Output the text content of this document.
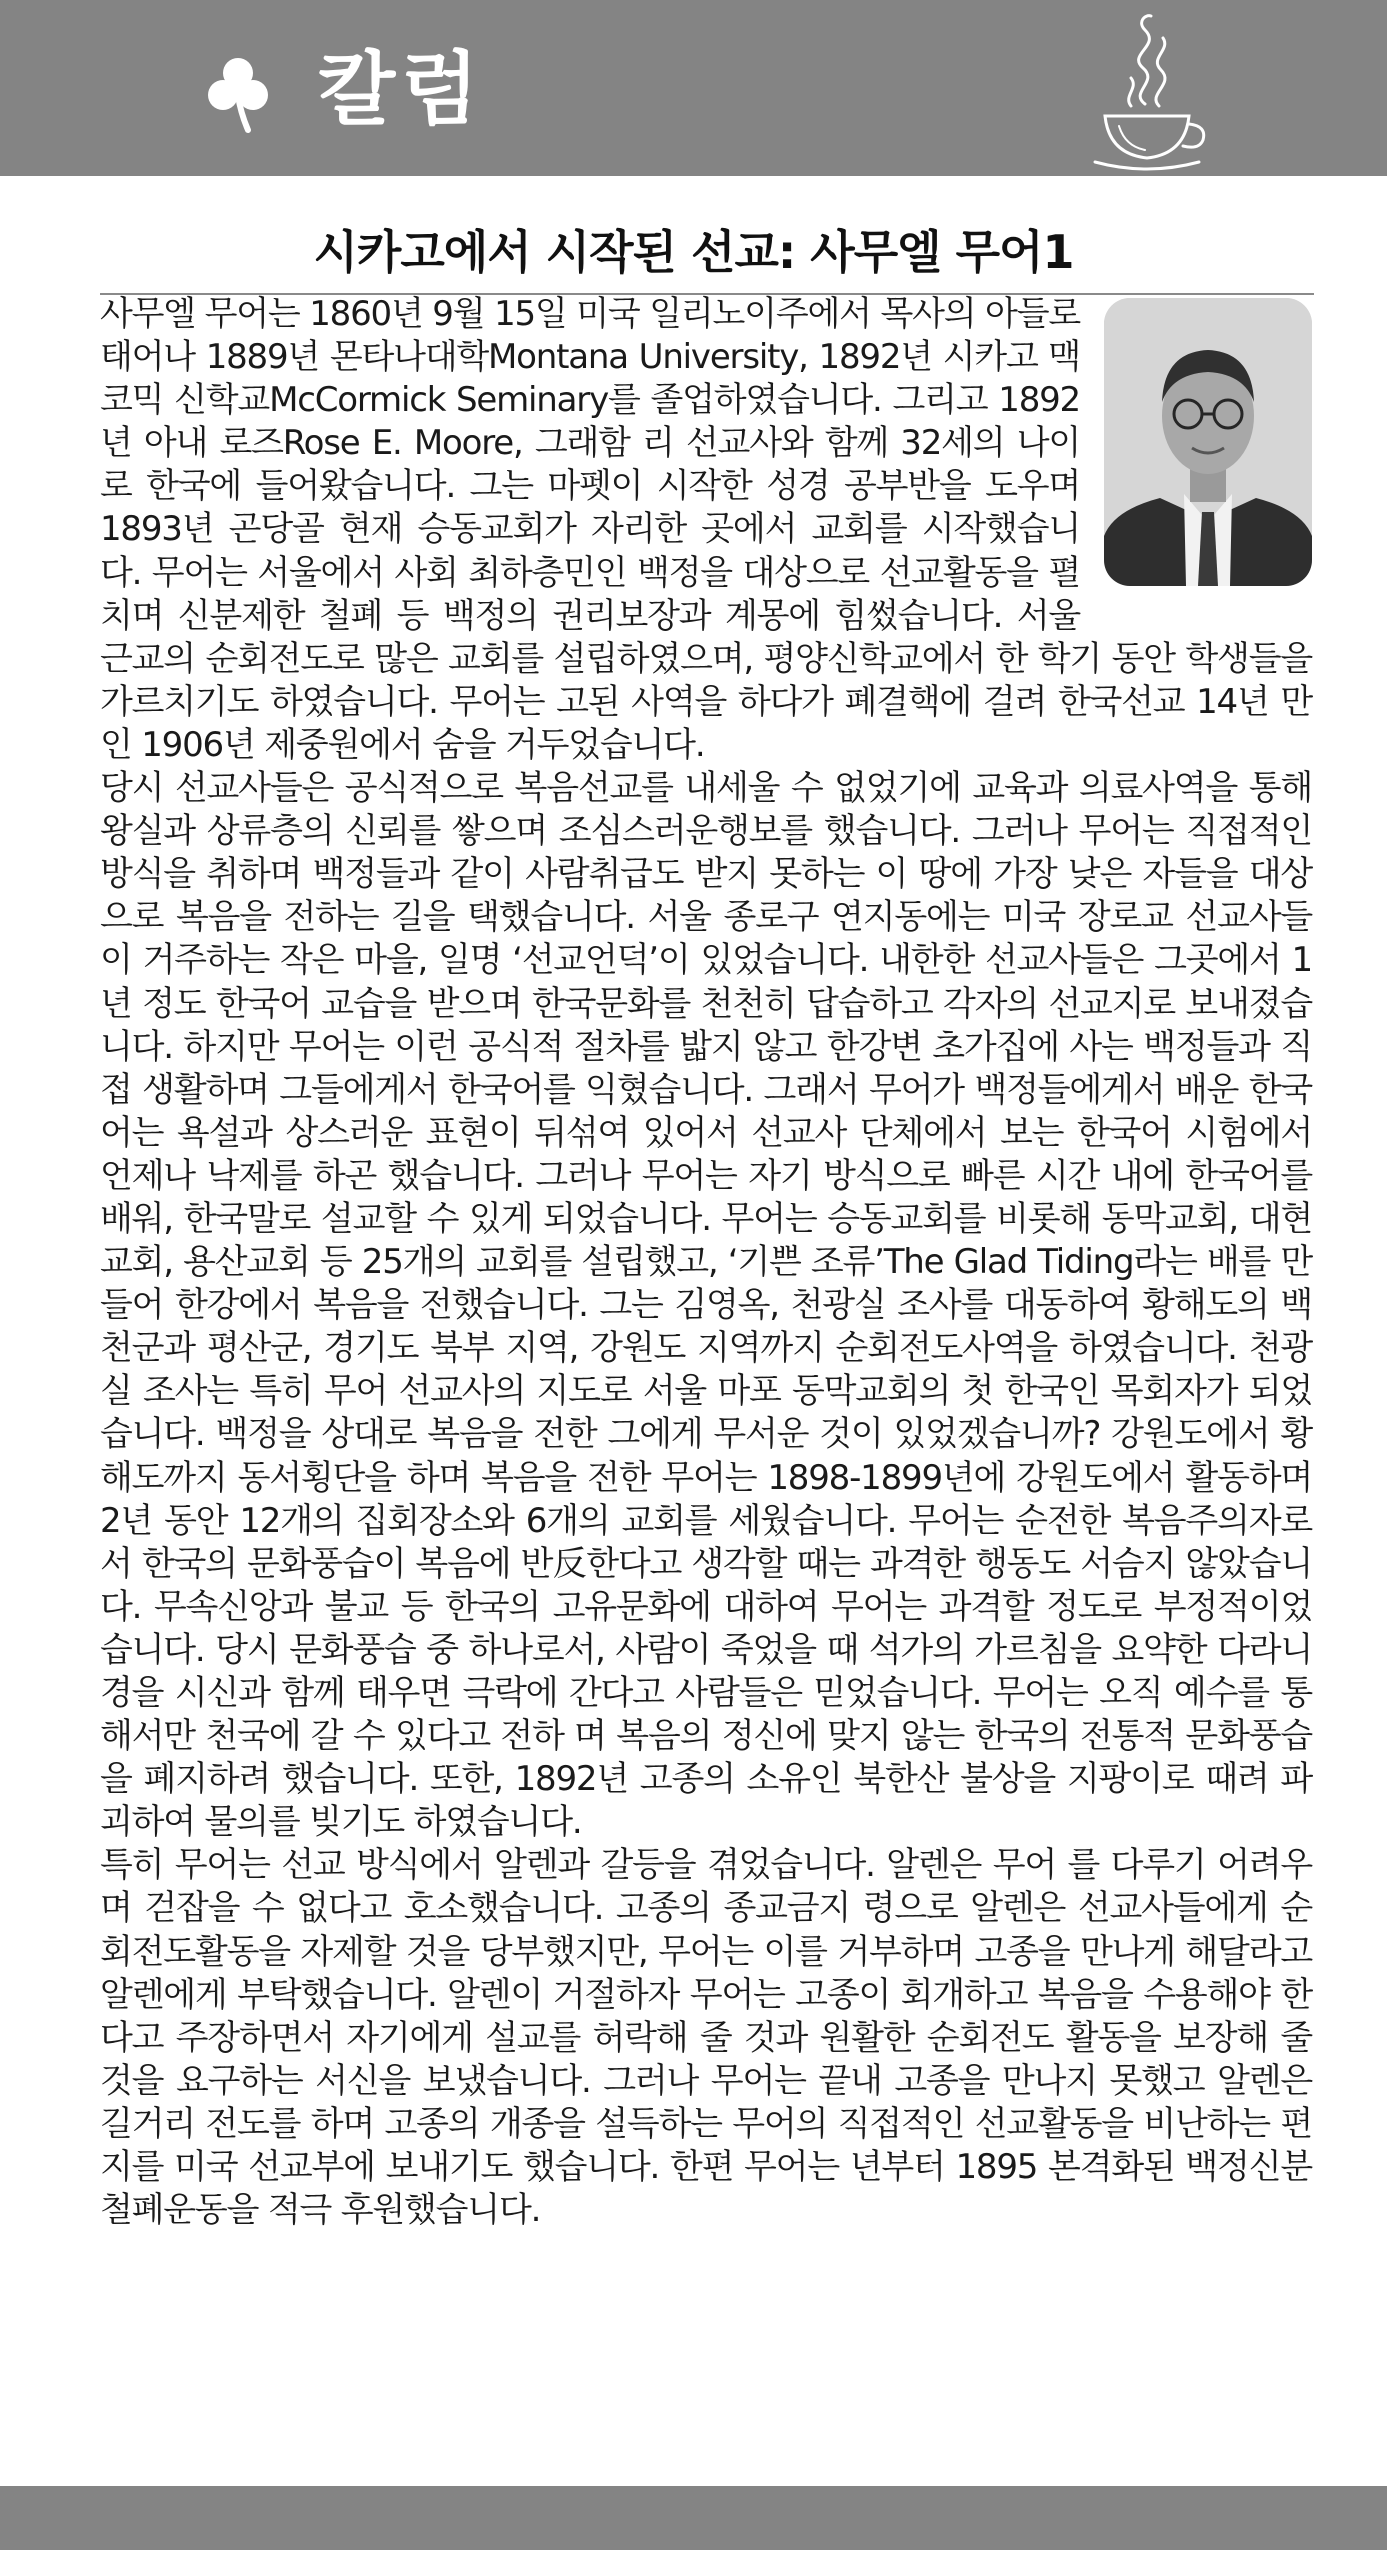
칼럼
시카고에서 시작된 선교: 사무엘 무어1

사무엘 무어는 1860년 9월 15일 미국 일리노이주에서 목사의 아들로 태어나 1889년 몬타나대학Montana University, 1892년 시카고 맥코믹 신학교McCormick Seminary를 졸업하였습니다. 그리고 1892년 아내 로즈Rose E. Moore, 그래함 리 선교사와 함께 32세의 나이로 한국에 들어왔습니다. 그는 마펫이 시작한 성경 공부반을 도우며 1893년 곤당골 현재 승동교회가 자리한 곳에서 교회를 시작했습니다. 무어는 서울에서 사회 최하층민인 백정을 대상으로 선교활동을 펼치며 신분제한 철폐 등 백정의 권리보장과 계몽에 힘썼습니다. 서울 근교의 순회전도로 많은 교회를 설립하였으며, 평양신학교에서 한 학기 동안 학생들을 가르치기도 하였습니다. 무어는 고된 사역을 하다가 폐결핵에 걸려 한국선교 14년 만인 1906년 제중원에서 숨을 거두었습니다.

당시 선교사들은 공식적으로 복음선교를 내세울 수 없었기에 교육과 의료사역을 통해 왕실과 상류층의 신뢰를 쌓으며 조심스러운행보를 했습니다. 그러나 무어는 직접적인 방식을 취하며 백정들과 같이 사람취급도 받지 못하는 이 땅에 가장 낮은 자들을 대상으로 복음을 전하는 길을 택했습니다. 서울 종로구 연지동에는 미국 장로교 선교사들이 거주하는 작은 마을, 일명 ‘선교언덕’이 있었습니다. 내한한 선교사들은 그곳에서 1년 정도 한국어 교습을 받으며 한국문화를 천천히 답습하고 각자의 선교지로 보내졌습니다. 하지만 무어는 이런 공식적 절차를 밟지 않고 한강변 초가집에 사는 백정들과 직접 생활하며 그들에게서 한국어를 익혔습니다. 그래서 무어가 백정들에게서 배운 한국어는 욕설과 상스러운 표현이 뒤섞여 있어서 선교사 단체에서 보는 한국어 시험에서 언제나 낙제를 하곤 했습니다. 그러나 무어는 자기 방식으로 빠른 시간 내에 한국어를 배워, 한국말로 설교할 수 있게 되었습니다. 무어는 승동교회를 비롯해 동막교회, 대현교회, 용산교회 등 25개의 교회를 설립했고, ‘기쁜 조류’The Glad Tiding라는 배를 만들어 한강에서 복음을 전했습니다. 그는 김영옥, 천광실 조사를 대동하여 황해도의 백천군과 평산군, 경기도 북부 지역, 강원도 지역까지 순회전도사역을 하였습니다. 천광실 조사는 특히 무어 선교사의 지도로 서울 마포 동막교회의 첫 한국인 목회자가 되었습니다. 백정을 상대로 복음을 전한 그에게 무서운 것이 있었겠습니까? 강원도에서 황해도까지 동서횡단을 하며 복음을 전한 무어는 1898-1899년에 강원도에서 활동하며 2년 동안 12개의 집회장소와 6개의 교회를 세웠습니다. 무어는 순전한 복음주의자로서 한국의 문화풍습이 복음에 반反한다고 생각할 때는 과격한 행동도 서슴지 않았습니다. 무속신앙과 불교 등 한국의 고유문화에 대하여 무어는 과격할 정도로 부정적이었습니다. 당시 문화풍습 중 하나로서, 사람이 죽었을 때 석가의 가르침을 요약한 다라니경을 시신과 함께 태우면 극락에 간다고 사람들은 믿었습니다. 무어는 오직 예수를 통해서만 천국에 갈 수 있다고 전하 며 복음의 정신에 맞지 않는 한국의 전통적 문화풍습을 폐지하려 했습니다. 또한, 1892년 고종의 소유인 북한산 불상을 지팡이로 때려 파괴하여 물의를 빚기도 하였습니다.

특히 무어는 선교 방식에서 알렌과 갈등을 겪었습니다. 알렌은 무어 를 다루기 어려우며 걷잡을 수 없다고 호소했습니다. 고종의 종교금지 령으로 알렌은 선교사들에게 순회전도활동을 자제할 것을 당부했지만, 무어는 이를 거부하며 고종을 만나게 해달라고 알렌에게 부탁했습니다. 알렌이 거절하자 무어는 고종이 회개하고 복음을 수용해야 한다고 주장하면서 자기에게 설교를 허락해 줄 것과 원활한 순회전도 활동을 보장해 줄 것을 요구하는 서신을 보냈습니다. 그러나 무어는 끝내 고종을 만나지 못했고 알렌은 길거리 전도를 하며 고종의 개종을 설득하는 무어의 직접적인 선교활동을 비난하는 편지를 미국 선교부에 보내기도 했습니다. 한편 무어는 년부터 1895 본격화된 백정신분 철폐운동을 적극 후원했습니다.
